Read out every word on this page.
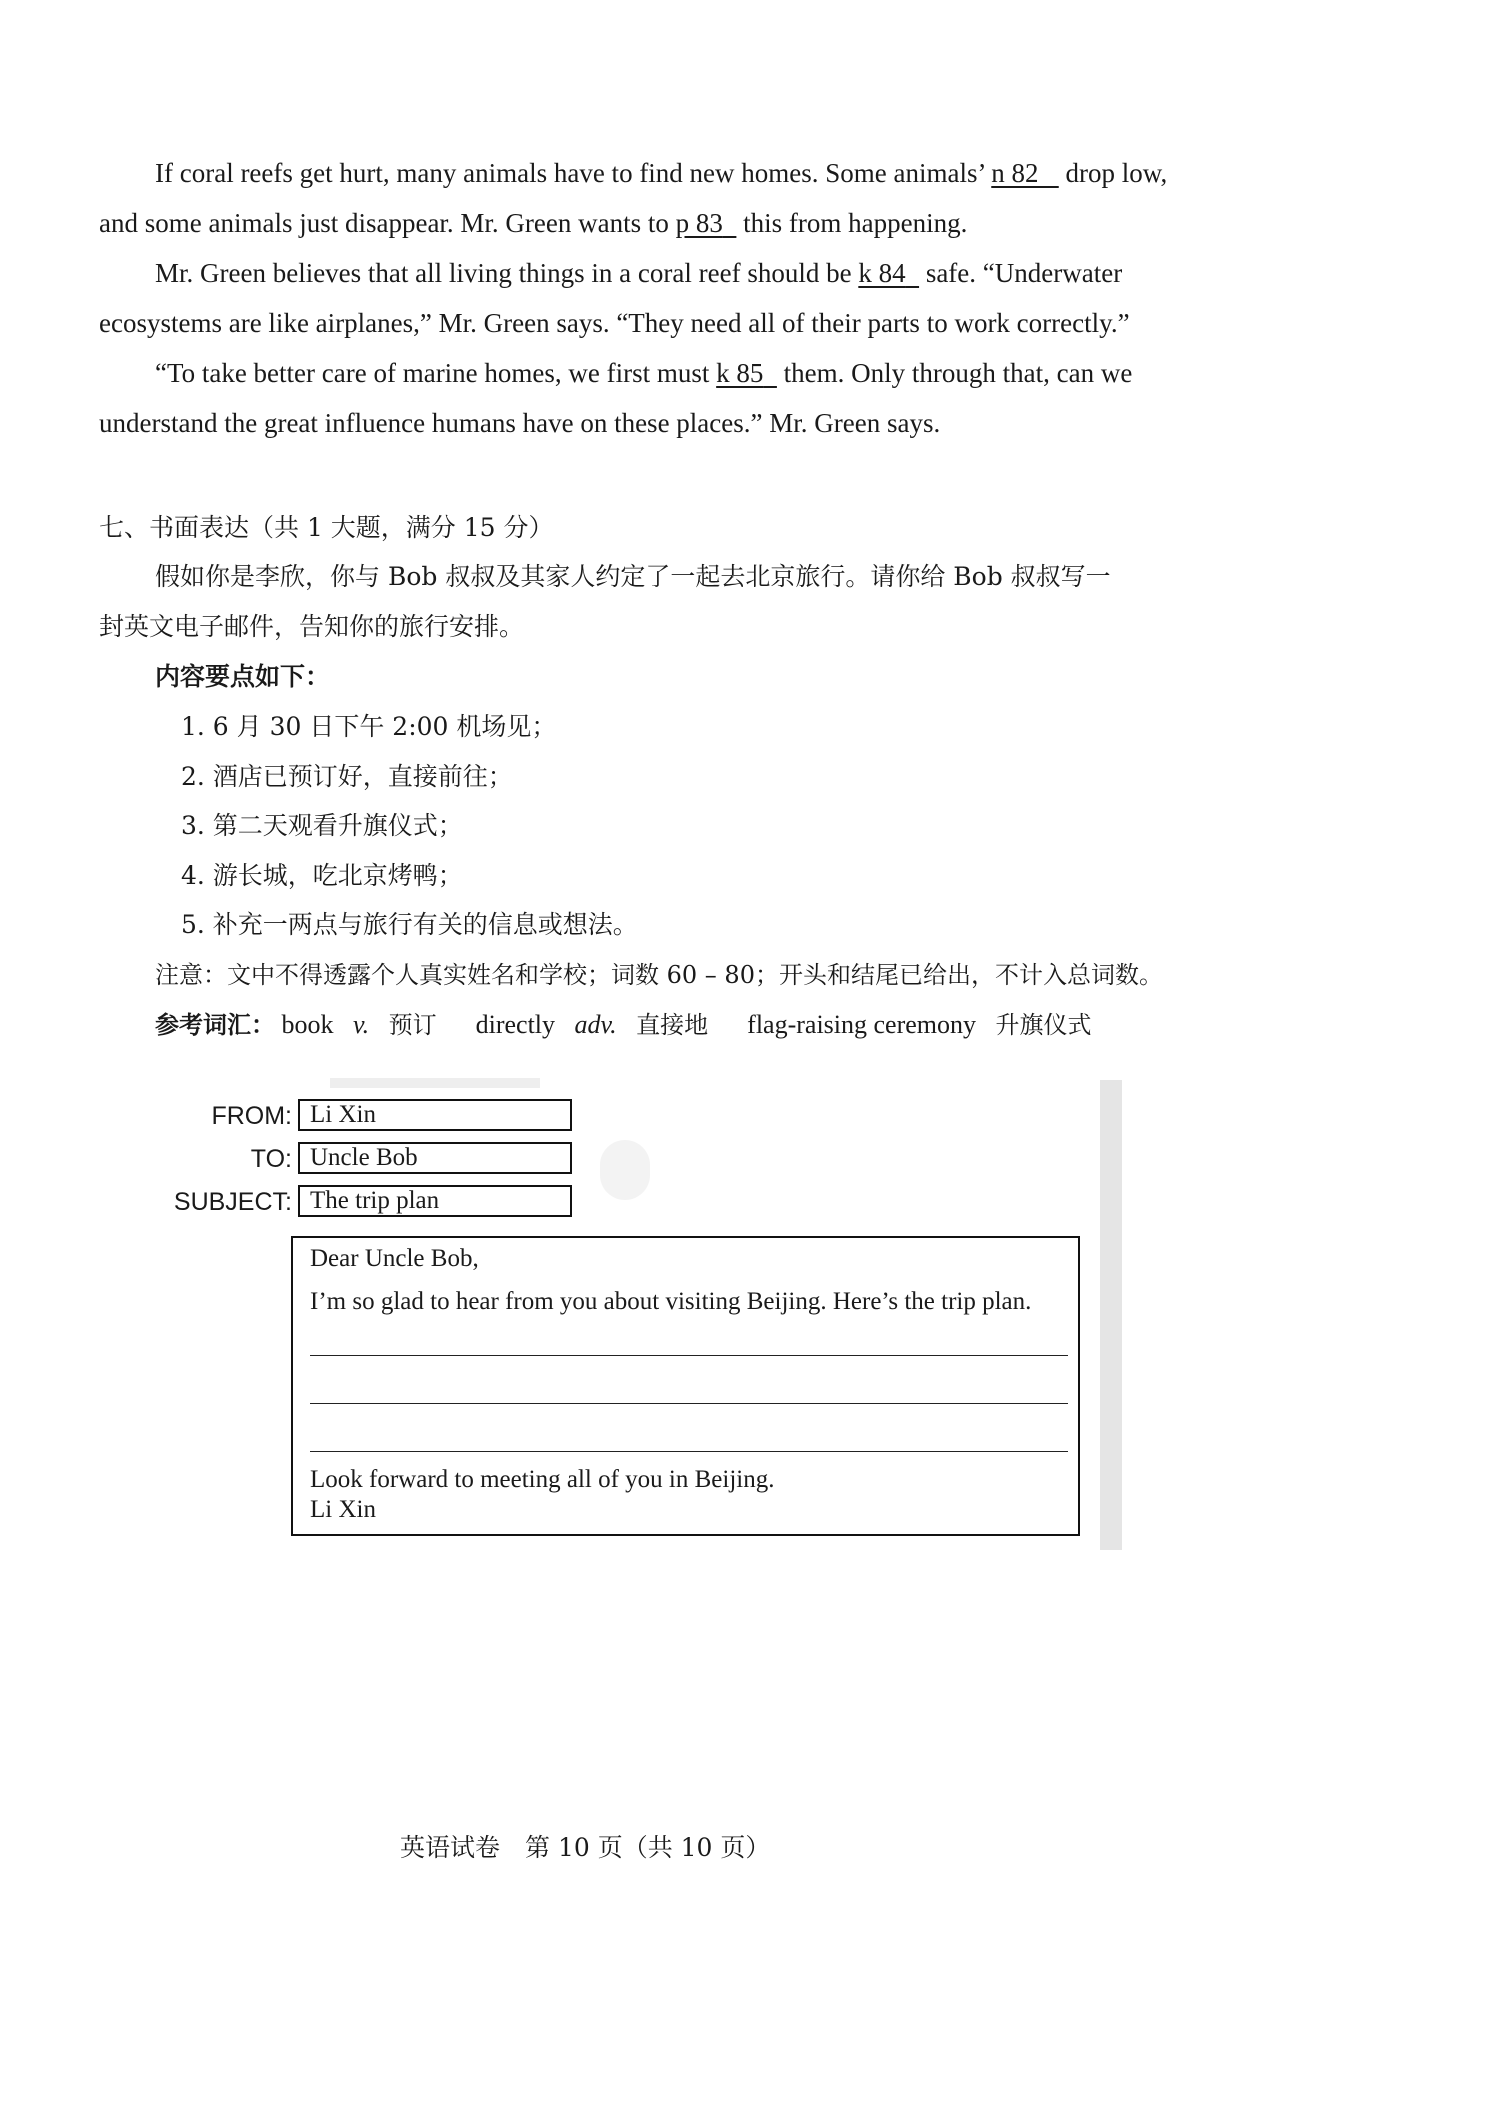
If coral reefs get hurt, many animals have to find new homes. Some animals’ n 82 drop low,
and some animals just disappear. Mr. Green wants to p 83 this from happening.
Mr. Green believes that all living things in a coral reef should be k 84 safe. “Underwater
ecosystems are like airplanes,” Mr. Green says. “They need all of their parts to work correctly.”
“To take better care of marine homes, we first must k 85 them. Only through that, can we
understand the great influence humans have on these places.” Mr. Green says.
七、书面表达（共 1 大题，满分 15 分）
假如你是李欣，你与 Bob 叔叔及其家人约定了一起去北京旅行。请你给 Bob 叔叔写一
封英文电子邮件，告知你的旅行安排。
内容要点如下：
1. 6 月 30 日下午 2:00 机场见；
2. 酒店已预订好，直接前往；
3. 第二天观看升旗仪式；
4. 游长城，吃北京烤鸭；
5. 补充一两点与旅行有关的信息或想法。
注意：文中不得透露个人真实姓名和学校；词数 60 – 80；开头和结尾已给出，不计入总词数。
参考词汇： book v. 预订 directly adv. 直接地 flag-raising ceremony 升旗仪式
FROM: Li Xin
TO: Uncle Bob
SUBJECT: The trip plan
Dear Uncle Bob,
I’m so glad to hear from you about visiting Beijing. Here’s the trip plan.
Look forward to meeting all of you in Beijing.
Li Xin
英语试卷　第 10 页（共 10 页）
